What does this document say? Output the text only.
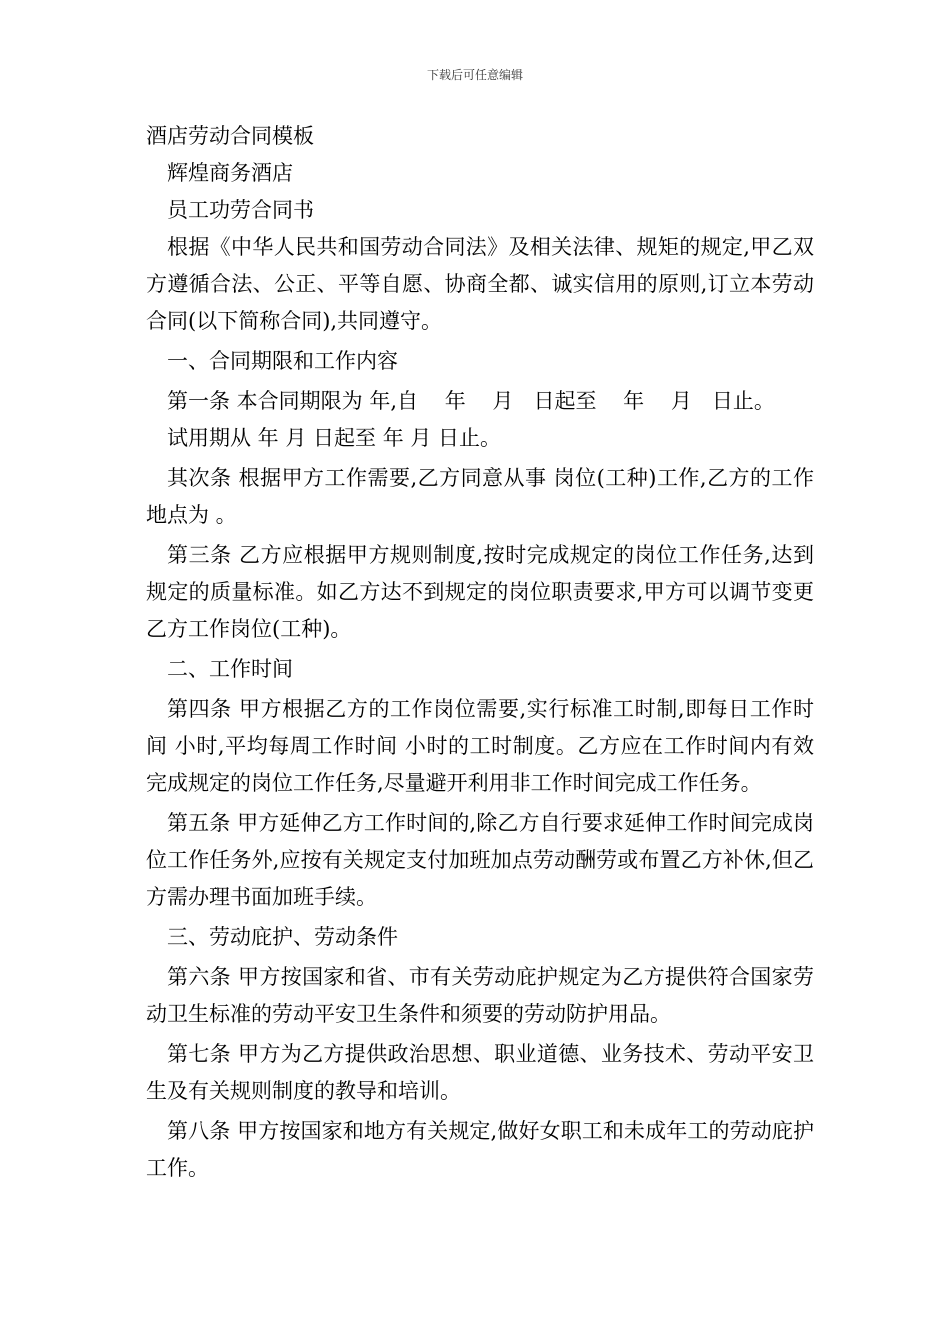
下载后可任意编辑

酒店劳动合同模板

辉煌商务酒店

员工功劳合同书

根据《中华人民共和国劳动合同法》及相关法律、规矩的规定,甲乙双方遵循合法、公正、平等自愿、协商全都、诚实信用的原则,订立本劳动合同(以下简称合同),共同遵守。

一、合同期限和工作内容

第一条 本合同期限为 年,自    年    月   日起至    年    月   日止。

试用期从 年 月 日起至 年 月 日止。

其次条 根据甲方工作需要,乙方同意从事 岗位(工种)工作,乙方的工作地点为 。

第三条 乙方应根据甲方规则制度,按时完成规定的岗位工作任务,达到规定的质量标准。如乙方达不到规定的岗位职责要求,甲方可以调节变更乙方工作岗位(工种)。

二、工作时间

第四条 甲方根据乙方的工作岗位需要,实行标准工时制,即每日工作时间 小时,平均每周工作时间 小时的工时制度。乙方应在工作时间内有效完成规定的岗位工作任务,尽量避开利用非工作时间完成工作任务。

第五条 甲方延伸乙方工作时间的,除乙方自行要求延伸工作时间完成岗位工作任务外,应按有关规定支付加班加点劳动酬劳或布置乙方补休,但乙方需办理书面加班手续。

三、劳动庇护、劳动条件

第六条 甲方按国家和省、市有关劳动庇护规定为乙方提供符合国家劳动卫生标准的劳动平安卫生条件和须要的劳动防护用品。

第七条 甲方为乙方提供政治思想、职业道德、业务技术、劳动平安卫生及有关规则制度的教导和培训。

第八条 甲方按国家和地方有关规定,做好女职工和未成年工的劳动庇护工作。
